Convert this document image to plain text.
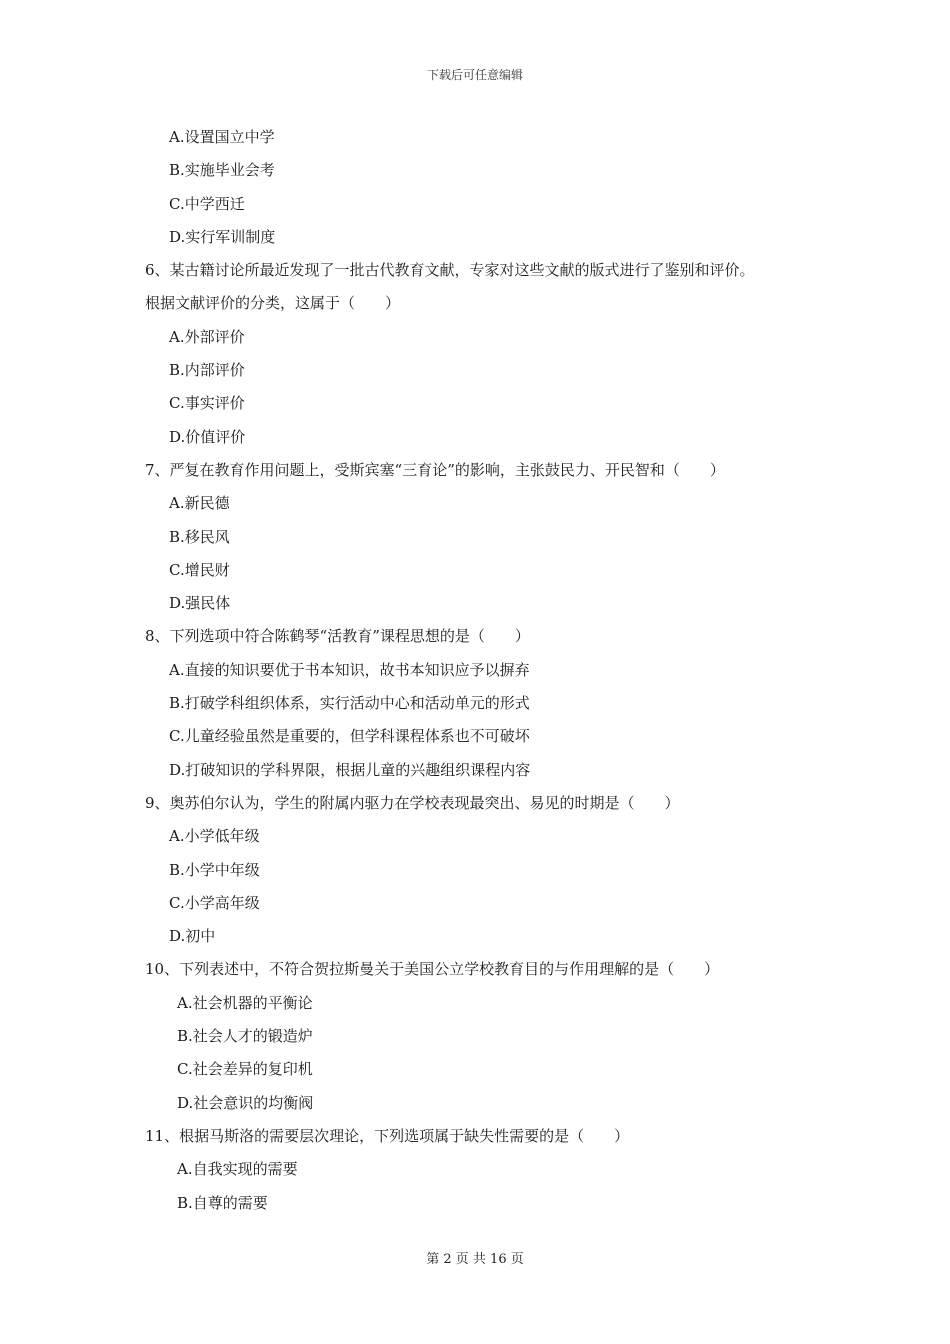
下载后可任意编辑
A.设置国立中学
B.实施毕业会考
C.中学西迁
D.实行军训制度
6、某古籍讨论所最近发现了一批古代教育文献，专家对这些文献的版式进行了鉴别和评价。
根据文献评价的分类，这属于（　　）
A.外部评价
B.内部评价
C.事实评价
D.价值评价
7、严复在教育作用问题上，受斯宾塞“三育论”的影响，主张鼓民力、开民智和（　　）
A.新民德
B.移民风
C.增民财
D.强民体
8、下列选项中符合陈鹤琴“活教育”课程思想的是（　　）
A.直接的知识要优于书本知识，故书本知识应予以摒弃
B.打破学科组织体系，实行活动中心和活动单元的形式
C.儿童经验虽然是重要的，但学科课程体系也不可破坏
D.打破知识的学科界限，根据儿童的兴趣组织课程内容
9、奥苏伯尔认为，学生的附属内驱力在学校表现最突出、易见的时期是（　　）
A.小学低年级
B.小学中年级
C.小学高年级
D.初中
10、下列表述中，不符合贺拉斯曼关于美国公立学校教育目的与作用理解的是（　　）
A.社会机器的平衡论
B.社会人才的锻造炉
C.社会差异的复印机
D.社会意识的均衡阀
11、根据马斯洛的需要层次理论，下列选项属于缺失性需要的是（　　）
A.自我实现的需要
B.自尊的需要
第 2 页 共 16 页
